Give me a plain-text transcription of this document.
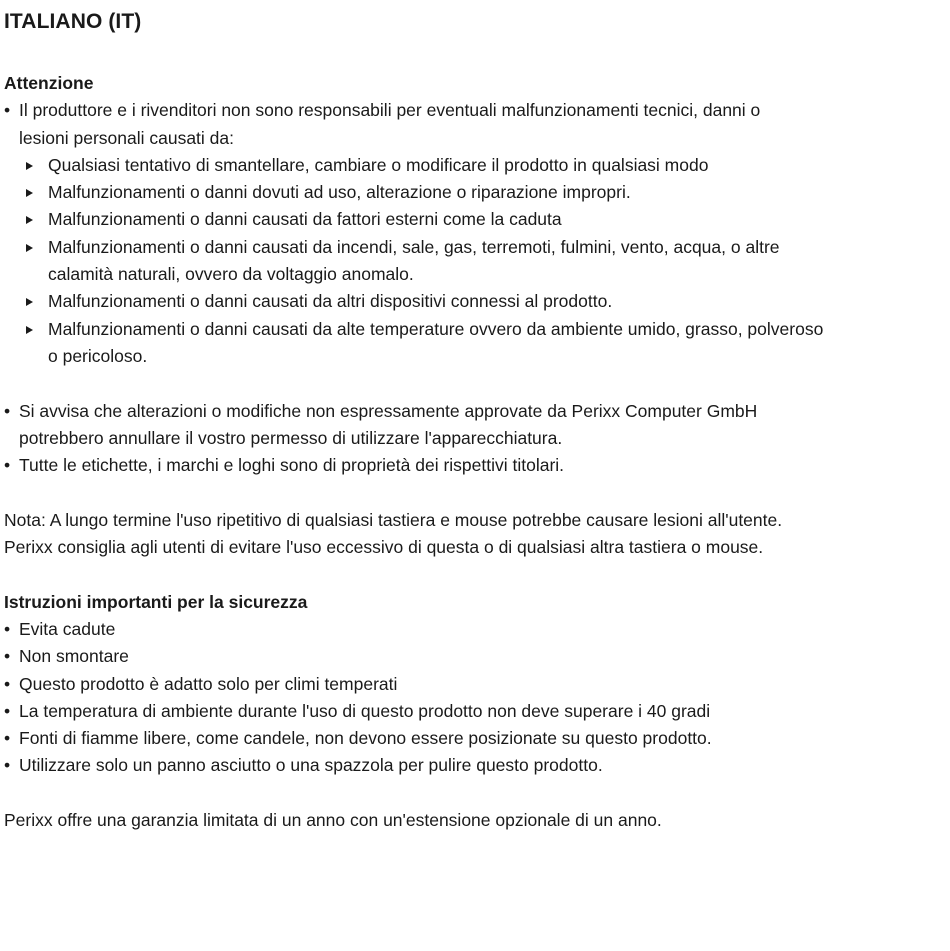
ITALIANO (IT)
Attenzione
• Il produttore e i rivenditori non sono responsabili per eventuali malfunzionamenti tecnici, danni o
lesioni personali causati da:
Qualsiasi tentativo di smantellare, cambiare o modificare il prodotto in qualsiasi modo
Malfunzionamenti o danni dovuti ad uso, alterazione o riparazione impropri.
Malfunzionamenti o danni causati da fattori esterni come la caduta
Malfunzionamenti o danni causati da incendi, sale, gas, terremoti, fulmini, vento, acqua, o altre
calamità naturali, ovvero da voltaggio anomalo.
Malfunzionamenti o danni causati da altri dispositivi connessi al prodotto.
Malfunzionamenti o danni causati da alte temperature ovvero da ambiente umido, grasso, polveroso
o pericoloso.
• Si avvisa che alterazioni o modifiche non espressamente approvate da Perixx Computer GmbH
potrebbero annullare il vostro permesso di utilizzare l'apparecchiatura.
• Tutte le etichette, i marchi e loghi sono di proprietà dei rispettivi titolari.

Nota: A lungo termine l'uso ripetitivo di qualsiasi tastiera e mouse potrebbe causare lesioni all'utente.

Perixx consiglia agli utenti di evitare l'uso eccessivo di questa o di qualsiasi altra tastiera o mouse.

Istruzioni importanti per la sicurezza
• Evita cadute
• Non smontare
• Questo prodotto è adatto solo per climi temperati
• La temperatura di ambiente durante l'uso di questo prodotto non deve superare i 40 gradi
• Fonti di fiamme libere, come candele, non devono essere posizionate su questo prodotto.
• Utilizzare solo un panno asciutto o una spazzola per pulire questo prodotto.

Perixx offre una garanzia limitata di un anno con un'estensione opzionale di un anno.
